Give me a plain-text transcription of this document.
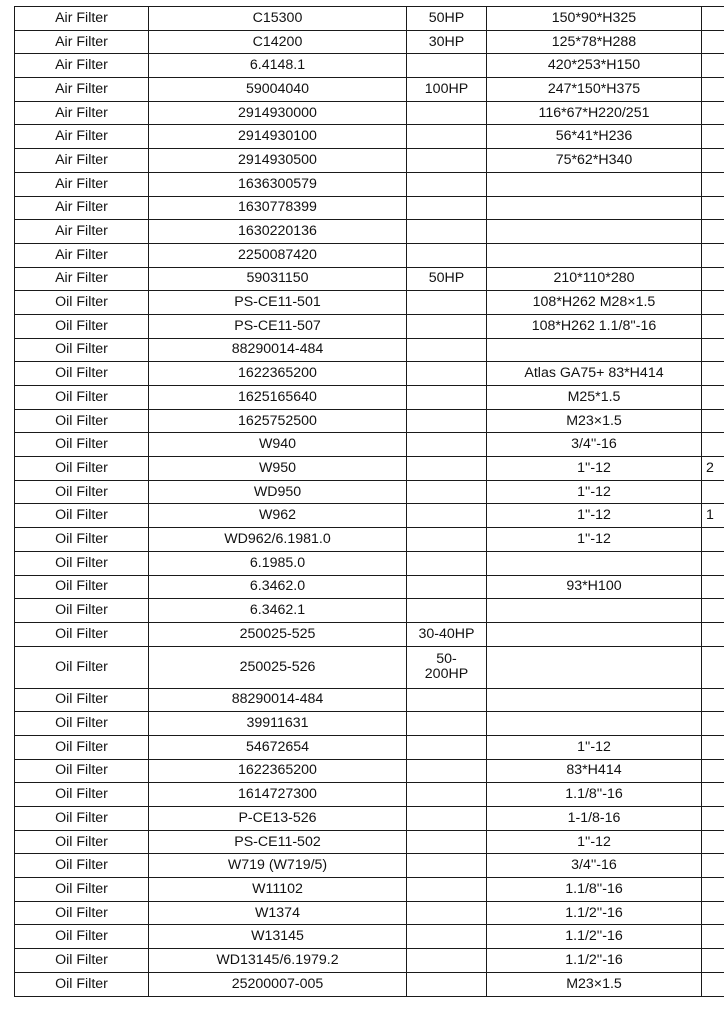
Air Filter	C15300	50HP	150*90*H325	
Air Filter	C14200	30HP	125*78*H288	
Air Filter	6.4148.1		420*253*H150	
Air Filter	59004040	100HP	247*150*H375	
Air Filter	2914930000		116*67*H220/251	
Air Filter	2914930100		56*41*H236	
Air Filter	2914930500		75*62*H340	
Air Filter	1636300579			
Air Filter	1630778399			
Air Filter	1630220136			
Air Filter	2250087420			
Air Filter	59031150	50HP	210*110*280	
Oil Filter	PS-CE11-501		108*H262 M28×1.5	
Oil Filter	PS-CE11-507		108*H262 1.1/8''-16	
Oil Filter	88290014-484			
Oil Filter	1622365200		Atlas GA75+ 83*H414	
Oil Filter	1625165640		M25*1.5	
Oil Filter	1625752500		M23×1.5	
Oil Filter	W940		3/4''-16	
Oil Filter	W950		1''-12	2
Oil Filter	WD950		1''-12	
Oil Filter	W962		1''-12	1
Oil Filter	WD962/6.1981.0		1''-12	
Oil Filter	6.1985.0			
Oil Filter	6.3462.0		93*H100	
Oil Filter	6.3462.1			
Oil Filter	250025-525	30-40HP		
Oil Filter	250025-526	50-
200HP		
Oil Filter	88290014-484			
Oil Filter	39911631			
Oil Filter	54672654		1''-12	
Oil Filter	1622365200		83*H414	
Oil Filter	1614727300		1.1/8''-16	
Oil Filter	P-CE13-526		1-1/8-16	
Oil Filter	PS-CE11-502		1''-12	
Oil Filter	W719 (W719/5)		3/4''-16	
Oil Filter	W11102		1.1/8''-16	
Oil Filter	W1374		1.1/2''-16	
Oil Filter	W13145		1.1/2''-16	
Oil Filter	WD13145/6.1979.2		1.1/2''-16	
Oil Filter	25200007-005		M23×1.5	
